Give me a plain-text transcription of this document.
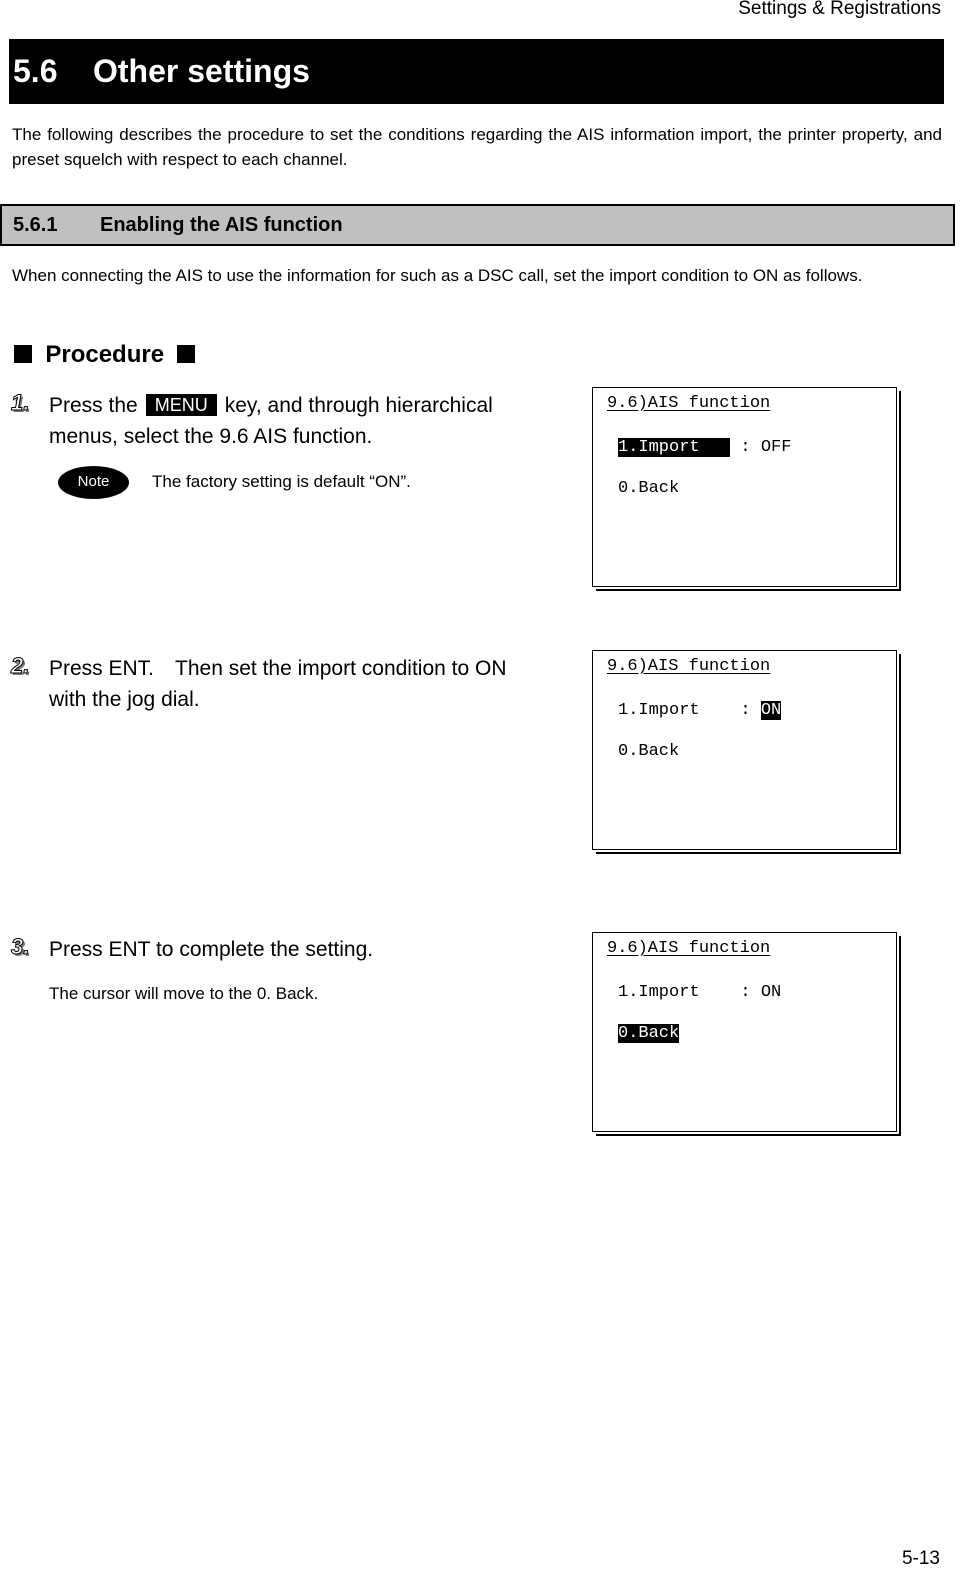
Settings & Registrations
5.6 Other settings
The following describes the procedure to set the conditions regarding the AIS information import, the printer property, and preset squelch with respect to each channel.
5.6.1 Enabling the AIS function
When connecting the AIS to use the information for such as a DSC call, set the import condition to ON as follows.
Procedure
1. Press the MENU key, and through hierarchical menus, select the 9.6 AIS function.
Note	The factory setting is default “ON”.
2. Press ENT.　Then set the import condition to ON with the jog dial.
3. Press ENT to complete the setting.
The cursor will move to the 0. Back.
9.6)AIS function
1.Import    : OFF
0.Back
9.6)AIS function
1.Import    : ON
0.Back
9.6)AIS function
1.Import    : ON
0.Back
5-13
